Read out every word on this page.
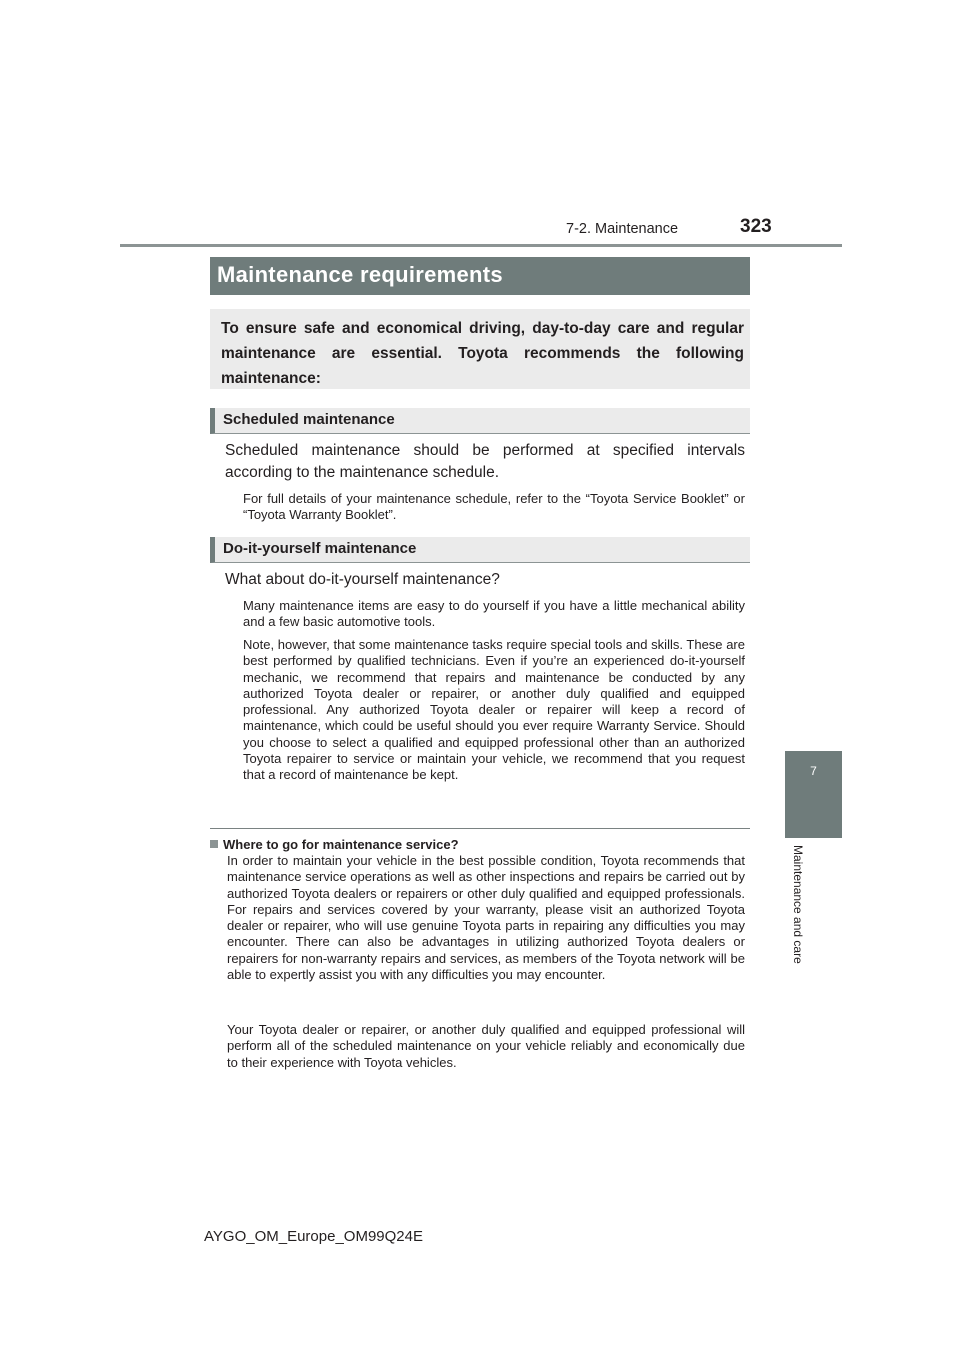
7-2. Maintenance	323
7
Maintenance and care
Maintenance requirements
To ensure safe and economical driving, day-to-day care and regular maintenance are essential. Toyota recommends the following maintenance:
Scheduled maintenance
Scheduled maintenance should be performed at specified intervals according to the maintenance schedule.
For full details of your maintenance schedule, refer to the “Toyota Service Booklet” or “Toyota Warranty Booklet”.
Do-it-yourself maintenance
What about do-it-yourself maintenance?
Many maintenance items are easy to do yourself if you have a little mechanical ability and a few basic automotive tools.
Note, however, that some maintenance tasks require special tools and skills. These are best performed by qualified technicians. Even if you’re an experienced do-it-yourself mechanic, we recommend that repairs and maintenance be conducted by any authorized Toyota dealer or repairer, or another duly qualified and equipped professional. Any authorized Toyota dealer or repairer will keep a record of maintenance, which could be useful should you ever require Warranty Service. Should you choose to select a qualified and equipped professional other than an authorized Toyota repairer to service or maintain your vehicle, we recommend that you request that a record of maintenance be kept.
Where to go for maintenance service?
In order to maintain your vehicle in the best possible condition, Toyota recommends that maintenance service operations as well as other inspections and repairs be carried out by authorized Toyota dealers or repairers or other duly qualified and equipped professionals. For repairs and services covered by your warranty, please visit an authorized Toyota dealer or repairer, who will use genuine Toyota parts in repairing any difficulties you may encounter. There can also be advantages in utilizing authorized Toyota dealers or repairers for non-warranty repairs and services, as members of the Toyota network will be able to expertly assist you with any difficulties you may encounter.
Your Toyota dealer or repairer, or another duly qualified and equipped professional will perform all of the scheduled maintenance on your vehicle reliably and economically due to their experience with Toyota vehicles.
AYGO_OM_Europe_OM99Q24E
